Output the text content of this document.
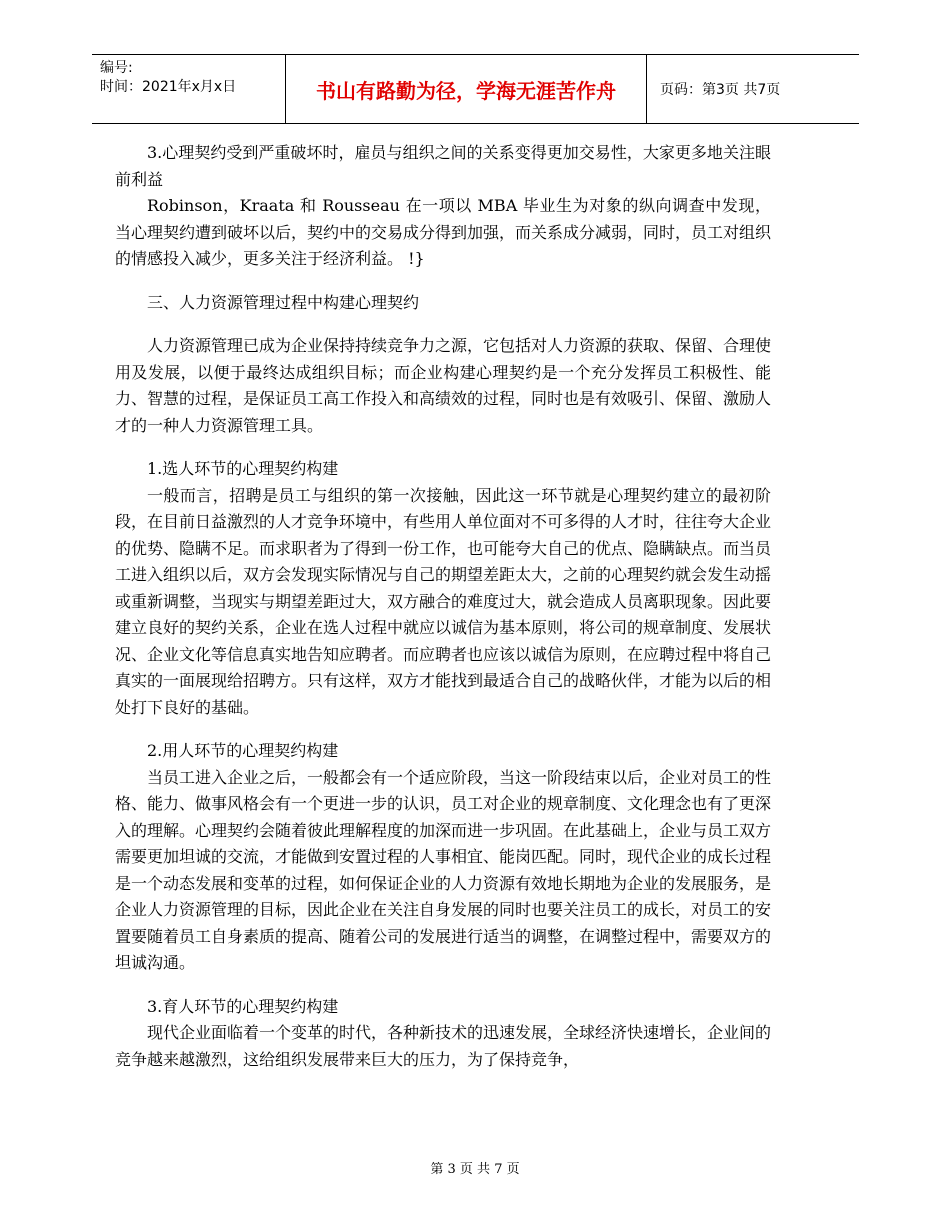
编号:
时间：2021年x月x日	书山有路勤为径，学海无涯苦作舟	页码：第3页 共7页

3.心理契约受到严重破坏时，雇员与组织之间的关系变得更加交易性，大家更多地关注眼前利益

Robinson，Kraata 和 Rousseau 在一项以 MBA 毕业生为对象的纵向调查中发现，当心理契约遭到破坏以后，契约中的交易成分得到加强，而关系成分减弱，同时，员工对组织的情感投入减少，更多关注于经济利益。 !}

三、人力资源管理过程中构建心理契约

人力资源管理已成为企业保持持续竞争力之源，它包括对人力资源的获取、保留、合理使用及发展，以便于最终达成组织目标；而企业构建心理契约是一个充分发挥员工积极性、能力、智慧的过程，是保证员工高工作投入和高绩效的过程，同时也是有效吸引、保留、激励人才的一种人力资源管理工具。

1.选人环节的心理契约构建

一般而言，招聘是员工与组织的第一次接触，因此这一环节就是心理契约建立的最初阶段，在目前日益激烈的人才竞争环境中，有些用人单位面对不可多得的人才时，往往夸大企业的优势、隐瞒不足。而求职者为了得到一份工作，也可能夸大自己的优点、隐瞒缺点。而当员工进入组织以后，双方会发现实际情况与自己的期望差距太大，之前的心理契约就会发生动摇或重新调整，当现实与期望差距过大，双方融合的难度过大，就会造成人员离职现象。因此要建立良好的契约关系，企业在选人过程中就应以诚信为基本原则，将公司的规章制度、发展状况、企业文化等信息真实地告知应聘者。而应聘者也应该以诚信为原则，在应聘过程中将自己真实的一面展现给招聘方。只有这样，双方才能找到最适合自己的战略伙伴，才能为以后的相处打下良好的基础。

2.用人环节的心理契约构建

当员工进入企业之后，一般都会有一个适应阶段，当这一阶段结束以后，企业对员工的性格、能力、做事风格会有一个更进一步的认识，员工对企业的规章制度、文化理念也有了更深入的理解。心理契约会随着彼此理解程度的加深而进一步巩固。在此基础上，企业与员工双方需要更加坦诚的交流，才能做到安置过程的人事相宜、能岗匹配。同时，现代企业的成长过程是一个动态发展和变革的过程，如何保证企业的人力资源有效地长期地为企业的发展服务，是企业人力资源管理的目标，因此企业在关注自身发展的同时也要关注员工的成长，对员工的安置要随着员工自身素质的提高、随着公司的发展进行适当的调整，在调整过程中，需要双方的坦诚沟通。

3.育人环节的心理契约构建

现代企业面临着一个变革的时代，各种新技术的迅速发展，全球经济快速增长，企业间的竞争越来越激烈，这给组织发展带来巨大的压力，为了保持竞争，

第 3 页 共 7 页
